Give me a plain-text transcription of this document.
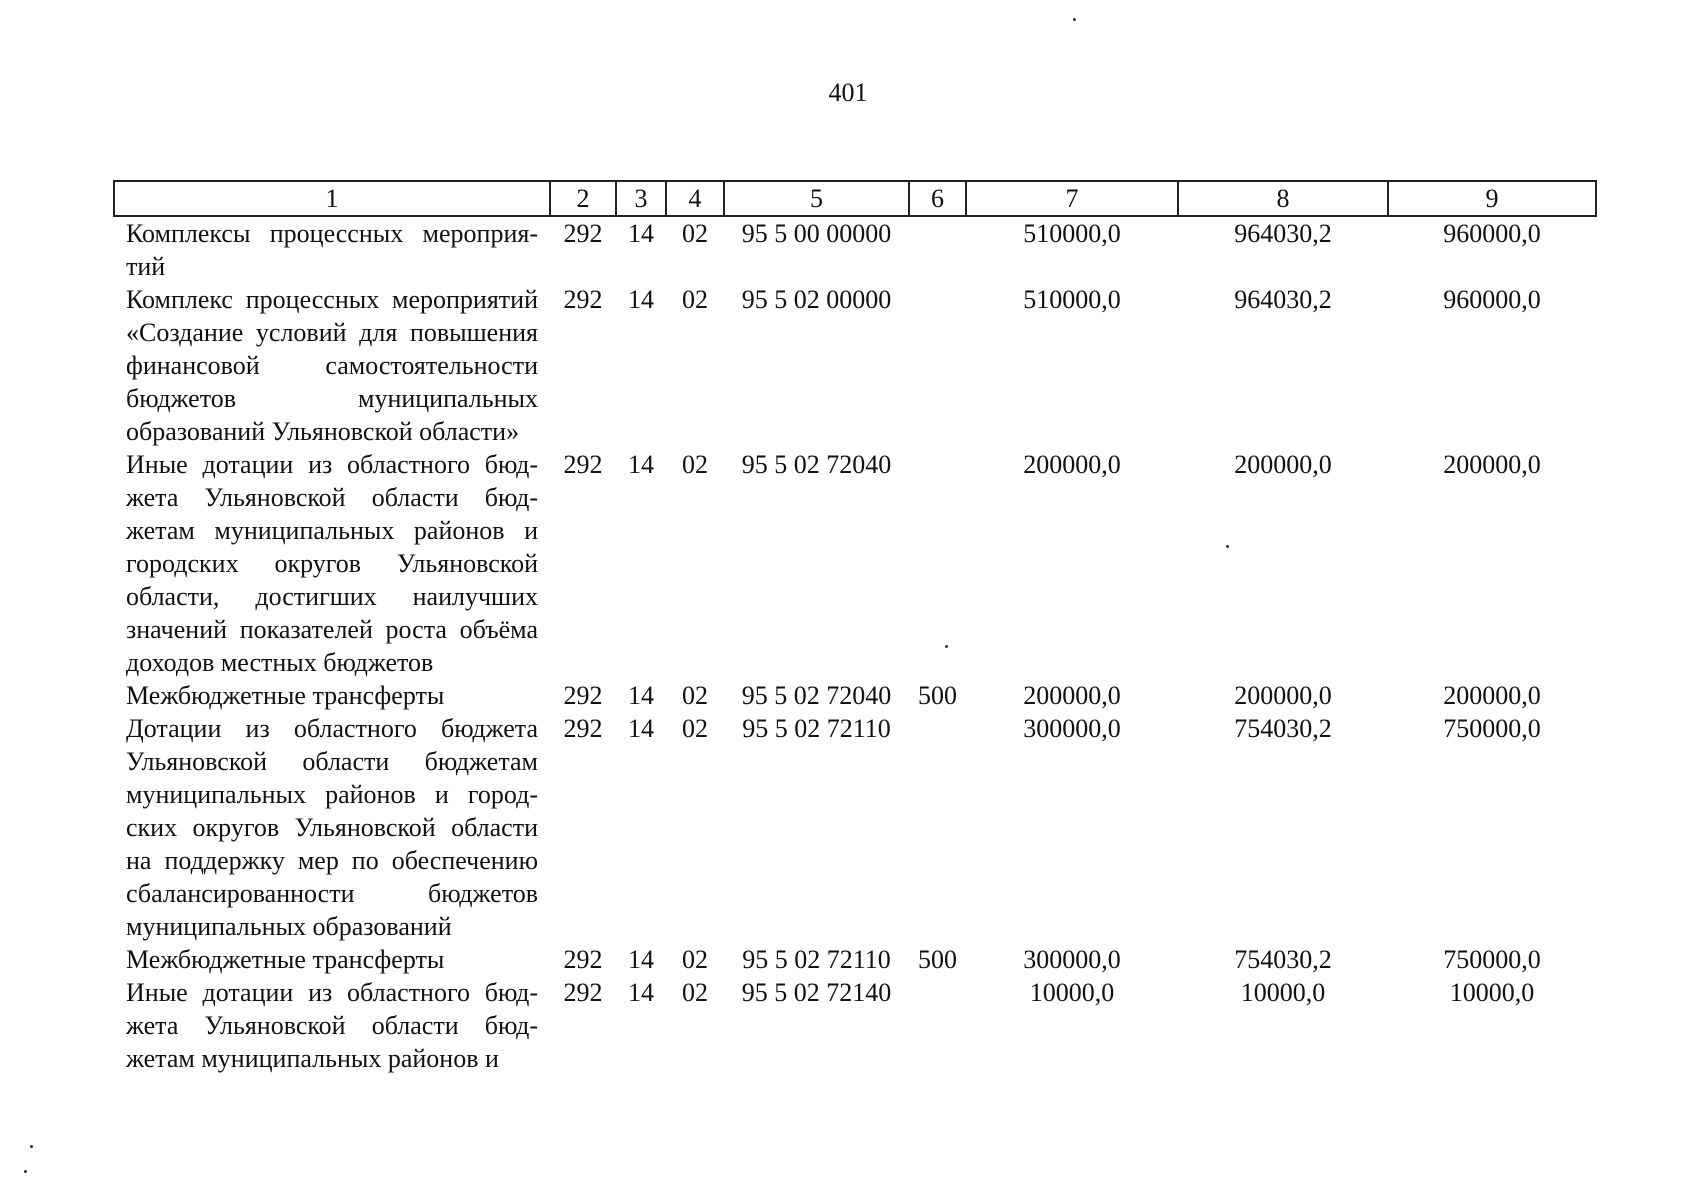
401
1	2	3	4	5	6	7	8	9
Комплексы процессных мероприятий	292	14	02	95 5 00 00000		510000,0	964030,2	960000,0
Комплекс процессных мероприятий «Создание условий для повышения финансовой самостоятельности бюджетов муниципальных образований Ульяновской области»	292	14	02	95 5 02 00000		510000,0	964030,2	960000,0
Иные дотации из областного бюджета Ульяновской области бюджетам муниципальных районов и городских округов Ульяновской области, достигших наилучших значений показателей роста объёма доходов местных бюджетов	292	14	02	95 5 02 72040		200000,0	200000,0	200000,0
Межбюджетные трансферты	292	14	02	95 5 02 72040	500	200000,0	200000,0	200000,0
Дотации из областного бюджета Ульяновской области бюджетам муниципальных районов и городских округов Ульяновской области на поддержку мер по обеспечению сбалансированности бюджетов муниципальных образований	292	14	02	95 5 02 72110		300000,0	754030,2	750000,0
Межбюджетные трансферты	292	14	02	95 5 02 72110	500	300000,0	754030,2	750000,0
Иные дотации из областного бюджета Ульяновской области бюджетам муниципальных районов и	292	14	02	95 5 02 72140		10000,0	10000,0	10000,0
